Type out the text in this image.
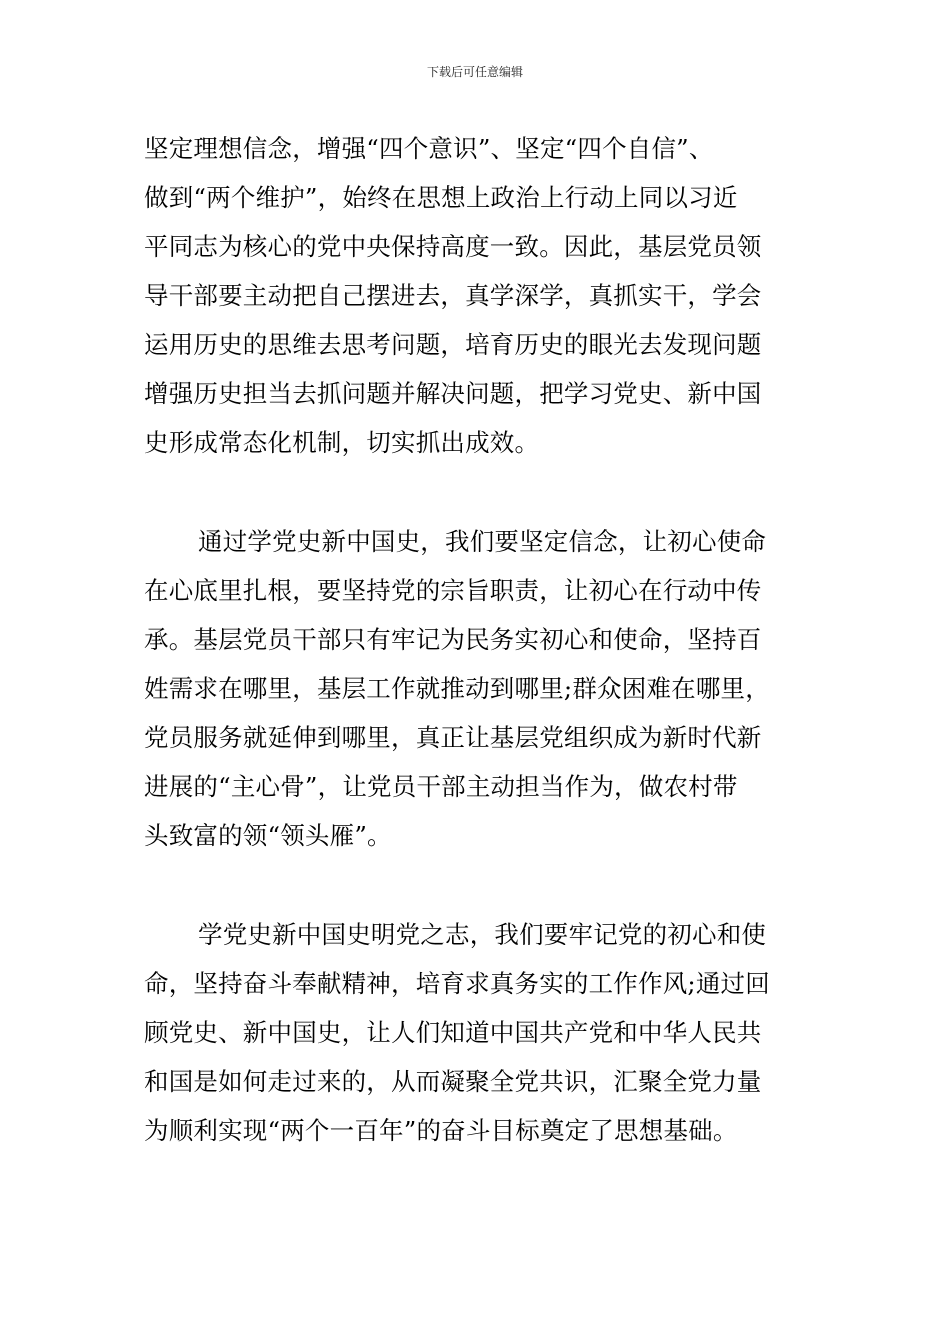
下载后可任意编辑
坚定理想信念，增强“四个意识”、坚定“四个自信”、
做到“两个维护”，始终在思想上政治上行动上同以习近
平同志为核心的党中央保持高度一致。因此，基层党员领
导干部要主动把自己摆进去，真学深学，真抓实干，学会
运用历史的思维去思考问题，培育历史的眼光去发现问题
增强历史担当去抓问题并解决问题，把学习党史、新中国
史形成常态化机制，切实抓出成效。
通过学党史新中国史，我们要坚定信念，让初心使命
在心底里扎根，要坚持党的宗旨职责，让初心在行动中传
承。基层党员干部只有牢记为民务实初心和使命，坚持百
姓需求在哪里，基层工作就推动到哪里;群众困难在哪里，
党员服务就延伸到哪里，真正让基层党组织成为新时代新
进展的“主心骨”，让党员干部主动担当作为，做农村带
头致富的领“领头雁”。
学党史新中国史明党之志，我们要牢记党的初心和使
命，坚持奋斗奉献精神，培育求真务实的工作作风;通过回
顾党史、新中国史，让人们知道中国共产党和中华人民共
和国是如何走过来的，从而凝聚全党共识，汇聚全党力量
为顺利实现“两个一百年”的奋斗目标奠定了思想基础。
